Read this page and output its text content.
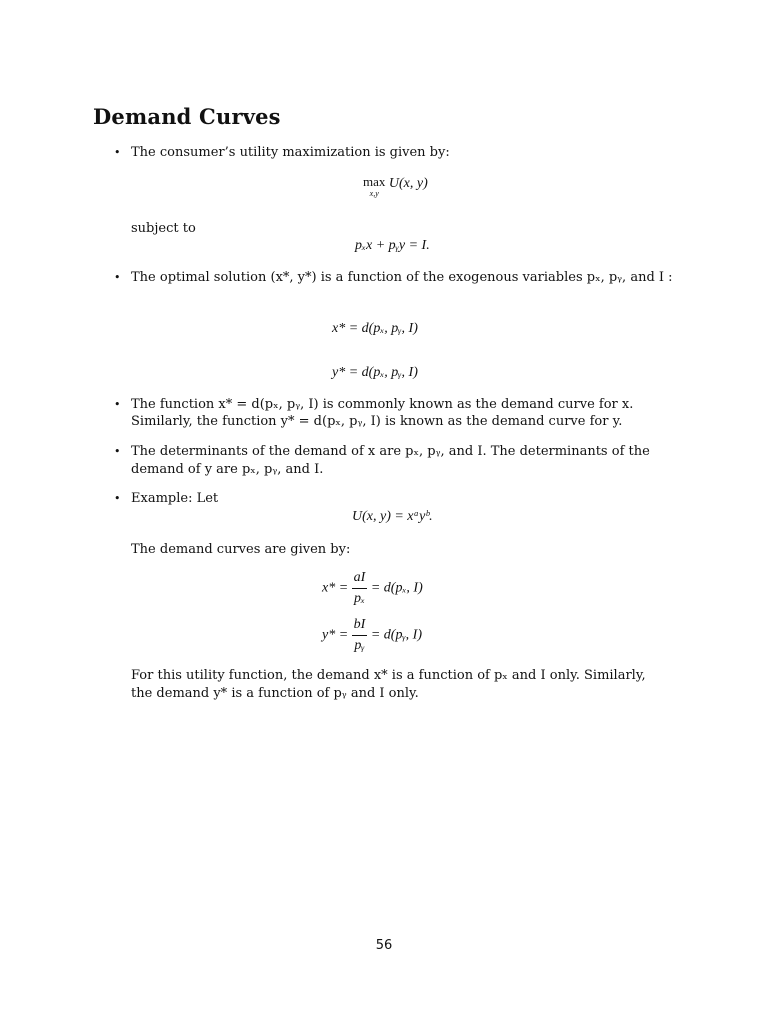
Demand Curves
• The consumer’s utility maximization is given by:
max
x,y
U(x, y)
subject to
pₓx + pᵧy = I.
• The optimal solution (x*, y*) is a function of the exogenous variables pₓ, pᵧ, and I :
x* = d(pₓ, pᵧ, I)
y* = d(pₓ, pᵧ, I)
• The function x* = d(pₓ, pᵧ, I) is commonly known as the demand curve for x.
Similarly, the function y* = d(pₓ, pᵧ, I) is known as the demand curve for y.
• The determinants of the demand of x are pₓ, pᵧ, and I. The determinants of the
demand of y are pₓ, pᵧ, and I.
• Example: Let
U(x, y) = xᵃyᵇ.
The demand curves are given by:
$x* = \frac{aI}{\text{pₓ}} = d(p_x$, I)
$y* = \frac{bI}{\text{pᵧ}}$ = d(pᵧ, I)
For this utility function, the demand x* is a function of pₓ and I only. Similarly,
the demand y* is a function of pᵧ and I only.
56
